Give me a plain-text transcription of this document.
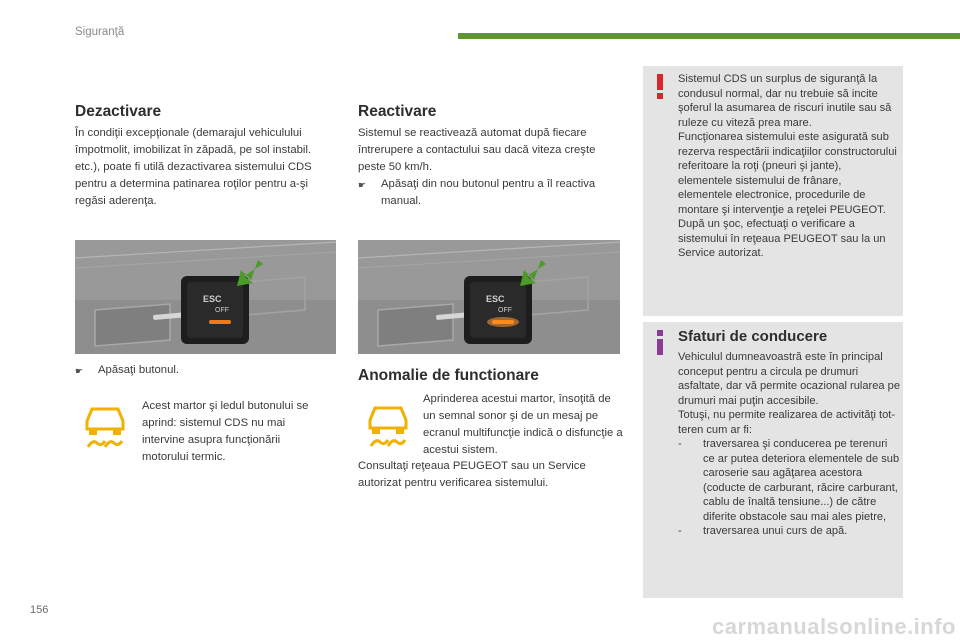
Siguranţă
Dezactivare

În condiţii excepţionale (demarajul vehiculului împotmolit, imobilizat în zăpadă, pe sol instabil. etc.), poate fi utilă dezactivarea sistemului CDS pentru a determina patinarea roţilor pentru a-şi regăsi aderenţa.

ESC
OFF
☛	Apăsaţi butonul.
Acest martor şi ledul butonului se aprind: sistemul CDS nu mai intervine asupra funcţionării motorului termic.
Reactivare

Sistemul se reactivează automat după fiecare întrerupere a contactului sau dacă viteza creşte peste 50 km/h.

☛	Apăsaţi din nou butonul pentru a îl reactiva manual.
ESC
OFF
Anomalie de functionare
Aprinderea acestui martor, însoţită de un semnal sonor şi de un mesaj pe ecranul multifuncţie indică o disfuncţie a acestui sistem.
Consultaţi reţeaua PEUGEOT sau un Service autorizat pentru verificarea sistemului.

Sistemul CDS un surplus de siguranţă la condusul normal, dar nu trebuie să incite şoferul la asumarea de riscuri inutile sau să ruleze cu viteză prea mare.

Funcţionarea sistemului este asigurată sub rezerva respectării indicaţiilor constructorului referitoare la roţi (pneuri şi jante), elementele sistemului de frânare, elementele electronice, procedurile de montare şi intervenţie a reţelei PEUGEOT.

După un şoc, efectuaţi o verificare a sistemului în reţeaua PEUGEOT sau la un Service autorizat.

Sfaturi de conducere

Vehiculul dumneavoastră este în principal conceput pentru a circula pe drumuri asfaltate, dar vă permite ocazional rularea pe drumuri mai puţin accesibile.

Totuşi, nu permite realizarea de activităţi tot-teren cum ar fi:

-	traversarea şi conducerea pe terenuri ce ar putea deteriora elementele de sub caroserie sau agăţarea acestora (coducte de carburant, răcire carburant, cablu de înaltă tensiune...) de către diferite obstacole sau mai ales pietre,
-	traversarea unui curs de apă.
156
carmanualsonline.info
